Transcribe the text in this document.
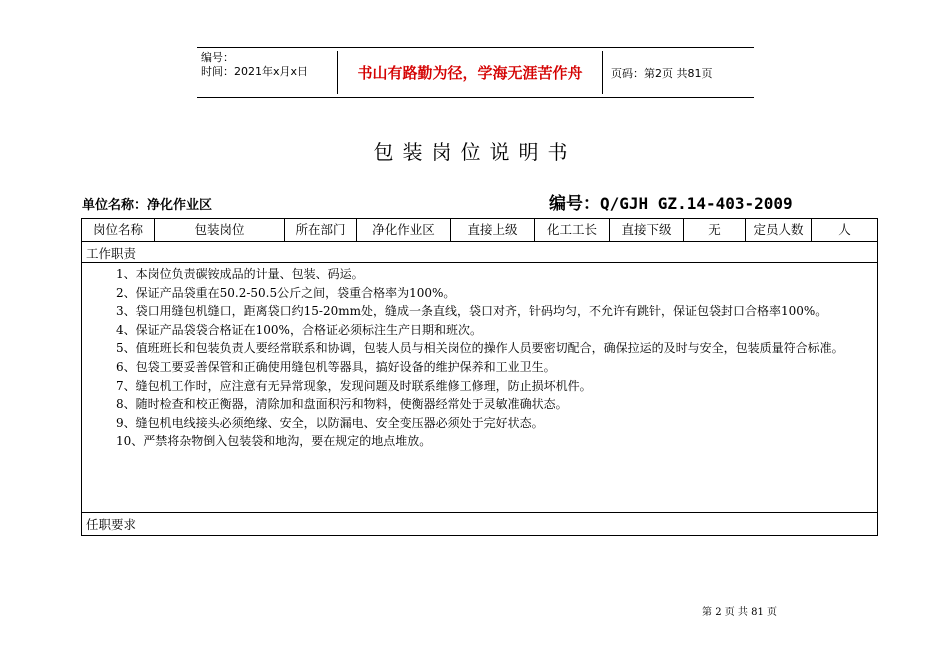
编号：
时间：2021年x月x日	书山有路勤为径，学海无涯苦作舟	页码：第2页 共81页
包装岗位说明书
单位名称：净化作业区	编号：Q/GJH GZ.14-403-2009
岗位名称	包装岗位	所在部门	净化作业区	直接上级	化工工长	直接下级	无	定员人数	人
工作职责

1、本岗位负责碳铵成品的计量、包装、码运。

2、保证产品袋重在50.2-50.5公斤之间，袋重合格率为100%。

3、袋口用缝包机缝口，距离袋口约15-20mm处，缝成一条直线，袋口对齐，针码均匀，不允许有跳针，保证包袋封口合格率100%。

4、保证产品袋袋合格证在100%，合格证必须标注生产日期和班次。

5、值班班长和包装负责人要经常联系和协调，包装人员与相关岗位的操作人员要密切配合，确保拉运的及时与安全，包装质量符合标准。

6、包袋工要妥善保管和正确使用缝包机等器具，搞好设备的维护保养和工业卫生。

7、缝包机工作时，应注意有无异常现象，发现问题及时联系维修工修理，防止损坏机件。

8、随时检查和校正衡器，清除加和盘面积污和物料，使衡器经常处于灵敏准确状态。

9、缝包机电线接头必须绝缘、安全，以防漏电、安全变压器必须处于完好状态。

10、严禁将杂物倒入包装袋和地沟，要在规定的地点堆放。

任职要求
第 2 页 共 81 页
